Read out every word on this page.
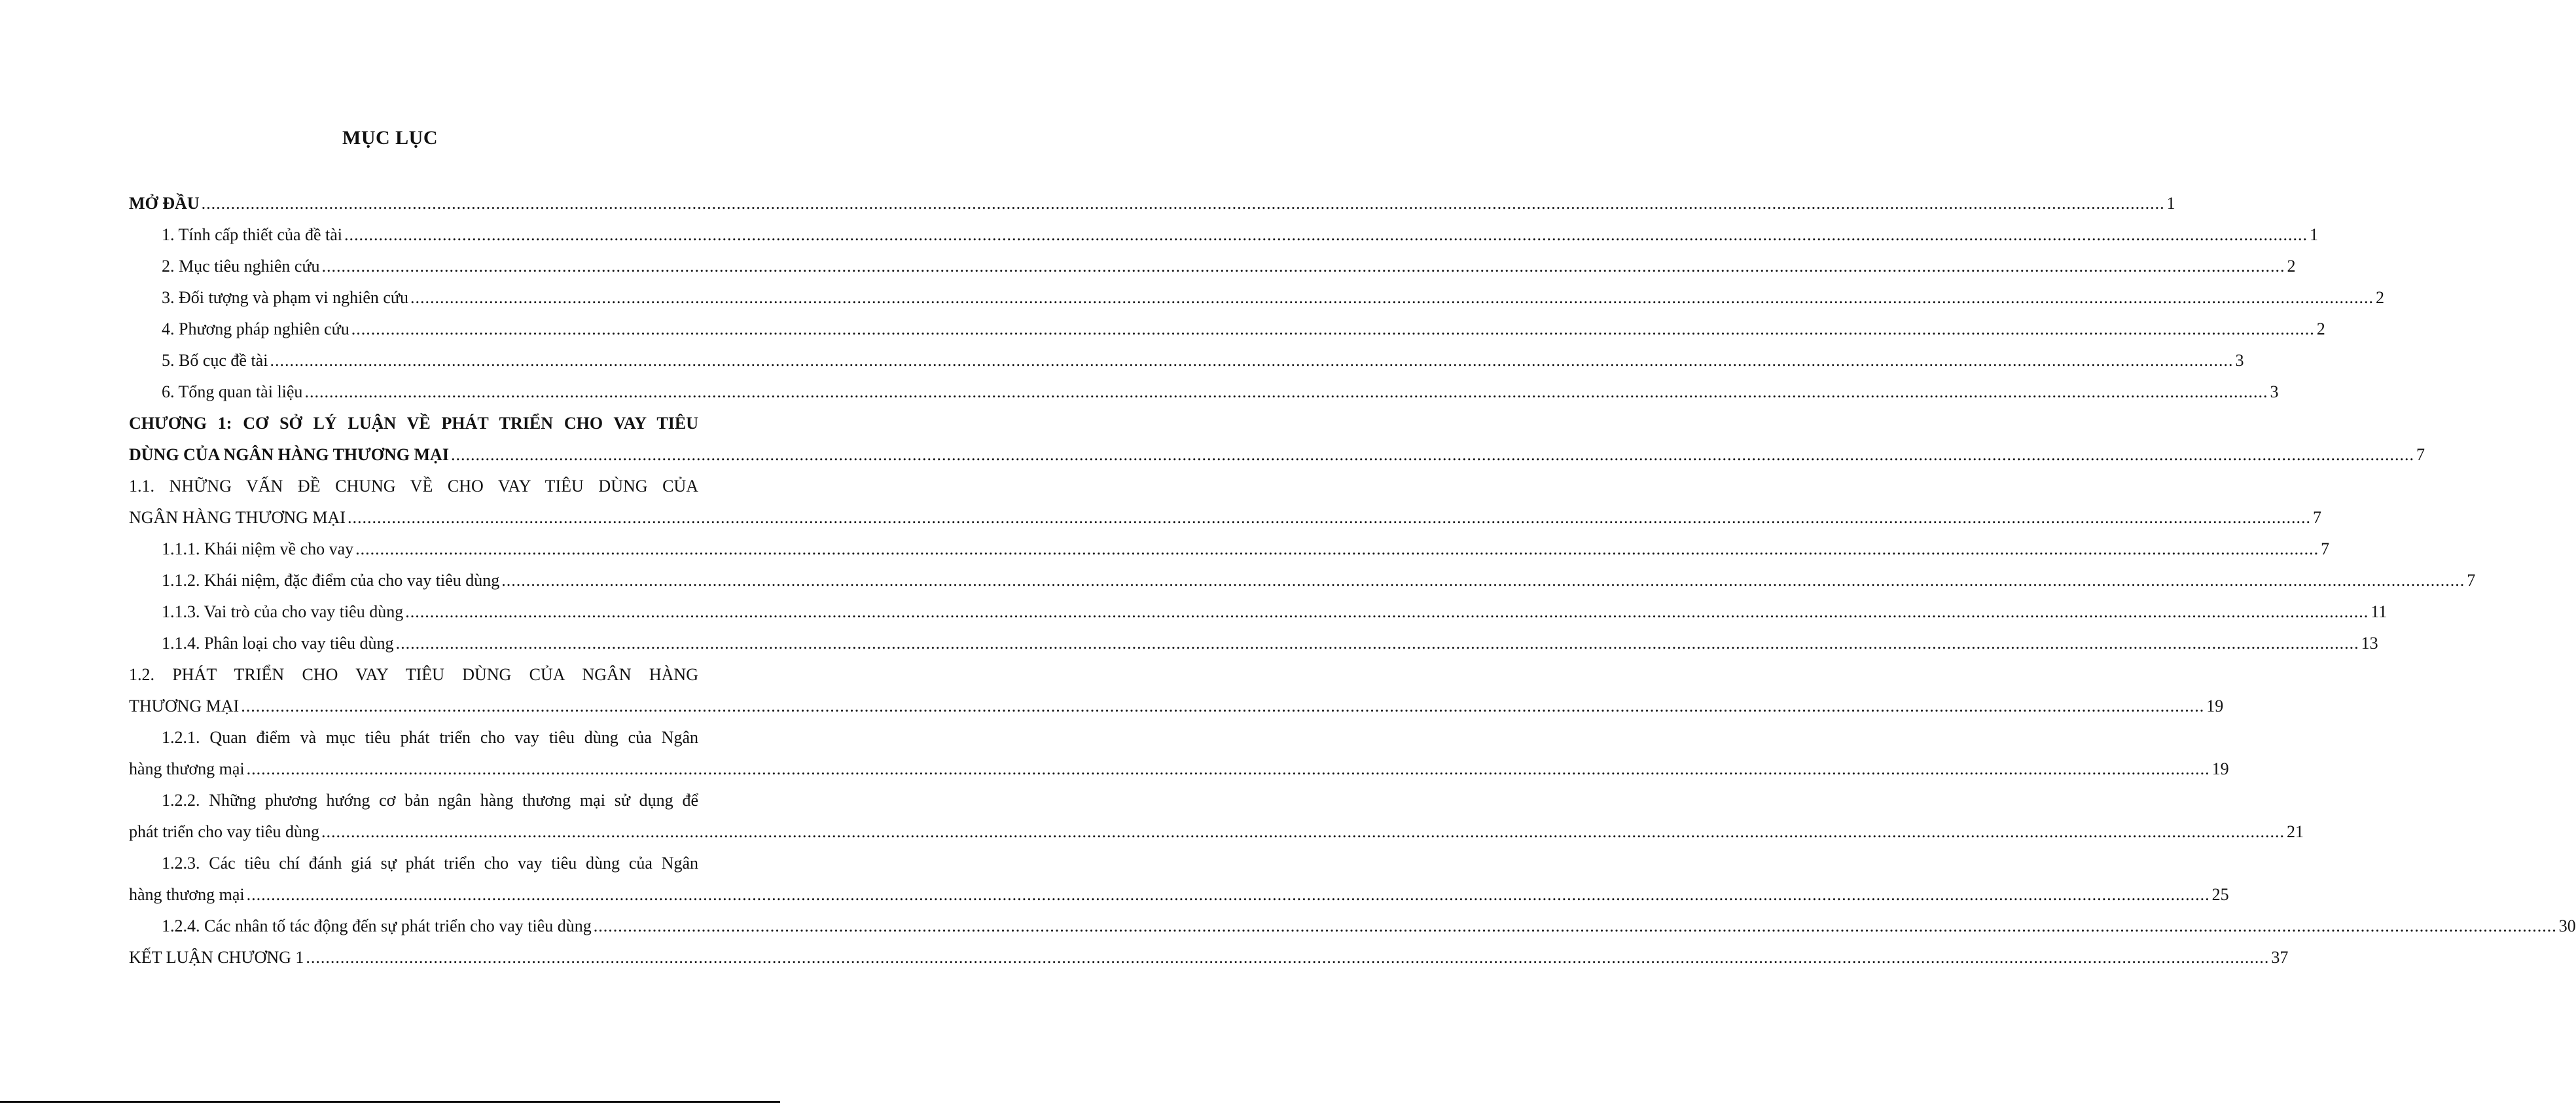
MỤC LỤC
MỞ ĐẦU ................................................................................................................................................................................................................................................................................................................................................................................................................ 1
1. Tính cấp thiết của đề tài ................................................................................................................................................................................................................................................................................................................................................................................................................ 1
2. Mục tiêu nghiên cứu ................................................................................................................................................................................................................................................................................................................................................................................................................ 2
3. Đối tượng và phạm vi nghiên cứu ................................................................................................................................................................................................................................................................................................................................................................................................................ 2
4. Phương pháp nghiên cứu ................................................................................................................................................................................................................................................................................................................................................................................................................ 2
5. Bố cục đề tài ................................................................................................................................................................................................................................................................................................................................................................................................................ 3
6. Tổng quan tài liệu ................................................................................................................................................................................................................................................................................................................................................................................................................ 3
CHƯƠNG 1: CƠ SỞ LÝ LUẬN VỀ PHÁT TRIỂN CHO VAY TIÊU
DÙNG CỦA NGÂN HÀNG THƯƠNG MẠI ................................................................................................................................................................................................................................................................................................................................................................................................................ 7
1.1. NHỮNG VẤN ĐỀ CHUNG VỀ CHO VAY TIÊU DÙNG CỦA
NGÂN HÀNG THƯƠNG MẠI ................................................................................................................................................................................................................................................................................................................................................................................................................ 7
1.1.1. Khái niệm về cho vay ................................................................................................................................................................................................................................................................................................................................................................................................................ 7
1.1.2. Khái niệm, đặc điểm của cho vay tiêu dùng ................................................................................................................................................................................................................................................................................................................................................................................................................ 7
1.1.3. Vai trò của cho vay tiêu dùng ................................................................................................................................................................................................................................................................................................................................................................................................................ 11
1.1.4. Phân loại cho vay tiêu dùng ................................................................................................................................................................................................................................................................................................................................................................................................................ 13
1.2. PHÁT TRIỂN CHO VAY TIÊU DÙNG CỦA NGÂN HÀNG
THƯƠNG MẠI ................................................................................................................................................................................................................................................................................................................................................................................................................ 19
1.2.1. Quan điểm và mục tiêu phát triển cho vay tiêu dùng của Ngân
hàng thương mại ................................................................................................................................................................................................................................................................................................................................................................................................................ 19
1.2.2. Những phương hướng cơ bản ngân hàng thương mại sử dụng để
phát triển cho vay tiêu dùng ................................................................................................................................................................................................................................................................................................................................................................................................................ 21
1.2.3. Các tiêu chí đánh giá sự phát triển cho vay tiêu dùng của Ngân
hàng thương mại ................................................................................................................................................................................................................................................................................................................................................................................................................ 25
1.2.4. Các nhân tố tác động đến sự phát triển cho vay tiêu dùng ................................................................................................................................................................................................................................................................................................................................................................................................................ 30
KẾT LUẬN CHƯƠNG 1 ................................................................................................................................................................................................................................................................................................................................................................................................................ 37
